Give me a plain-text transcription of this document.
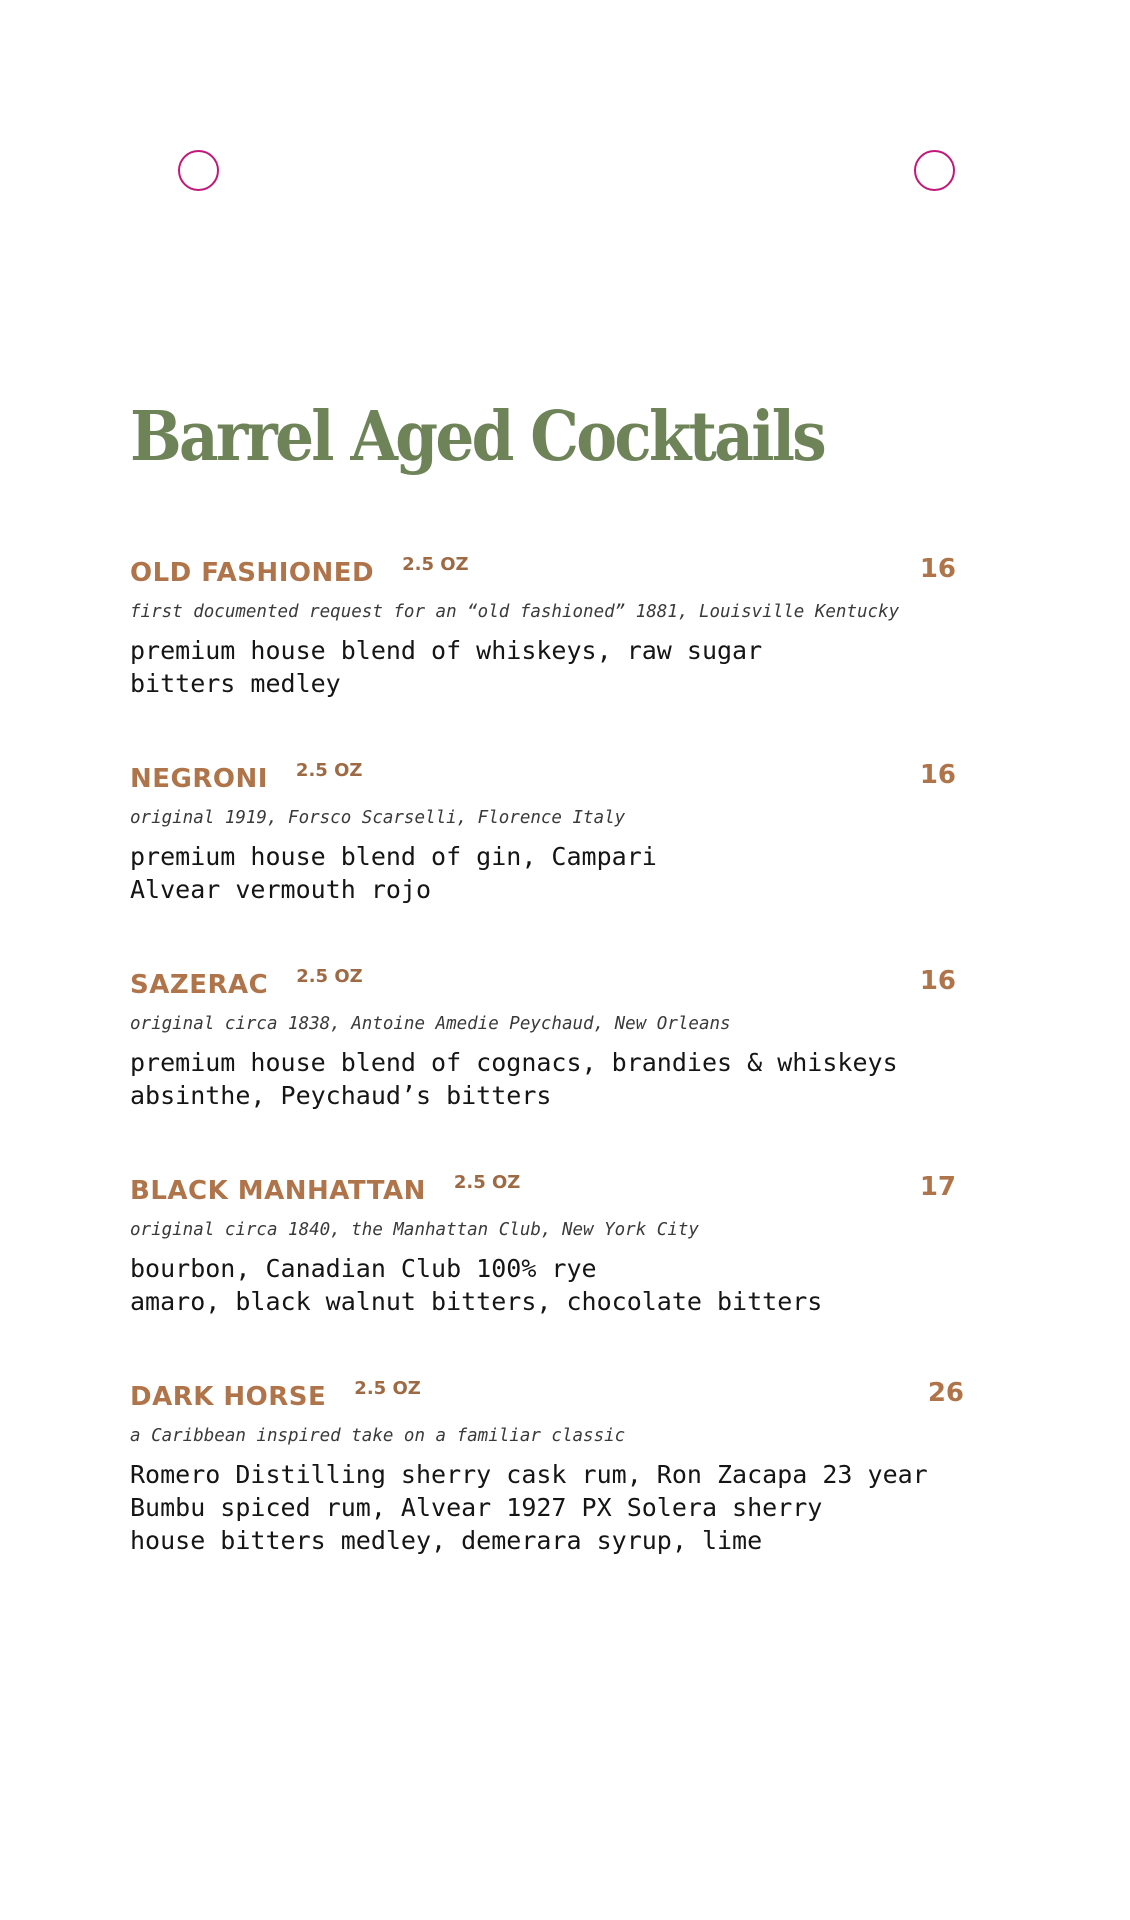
Barrel Aged Cocktails
OLD FASHIONED 2.5 OZ	16
first documented request for an “old fashioned” 1881, Louisville Kentucky
premium house blend of whiskeys, raw sugar
bitters medley
NEGRONI 2.5 OZ	16
original 1919, Forsco Scarselli, Florence Italy
premium house blend of gin, Campari
Alvear vermouth rojo
SAZERAC 2.5 OZ	16
original circa 1838, Antoine Amedie Peychaud, New Orleans
premium house blend of cognacs, brandies & whiskeys
absinthe, Peychaud’s bitters
BLACK MANHATTAN 2.5 OZ	17
original circa 1840, the Manhattan Club, New York City
bourbon, Canadian Club 100% rye
amaro, black walnut bitters, chocolate bitters
DARK HORSE 2.5 OZ	26
a Caribbean inspired take on a familiar classic
Romero Distilling sherry cask rum, Ron Zacapa 23 year
Bumbu spiced rum, Alvear 1927 PX Solera sherry
house bitters medley, demerara syrup, lime
